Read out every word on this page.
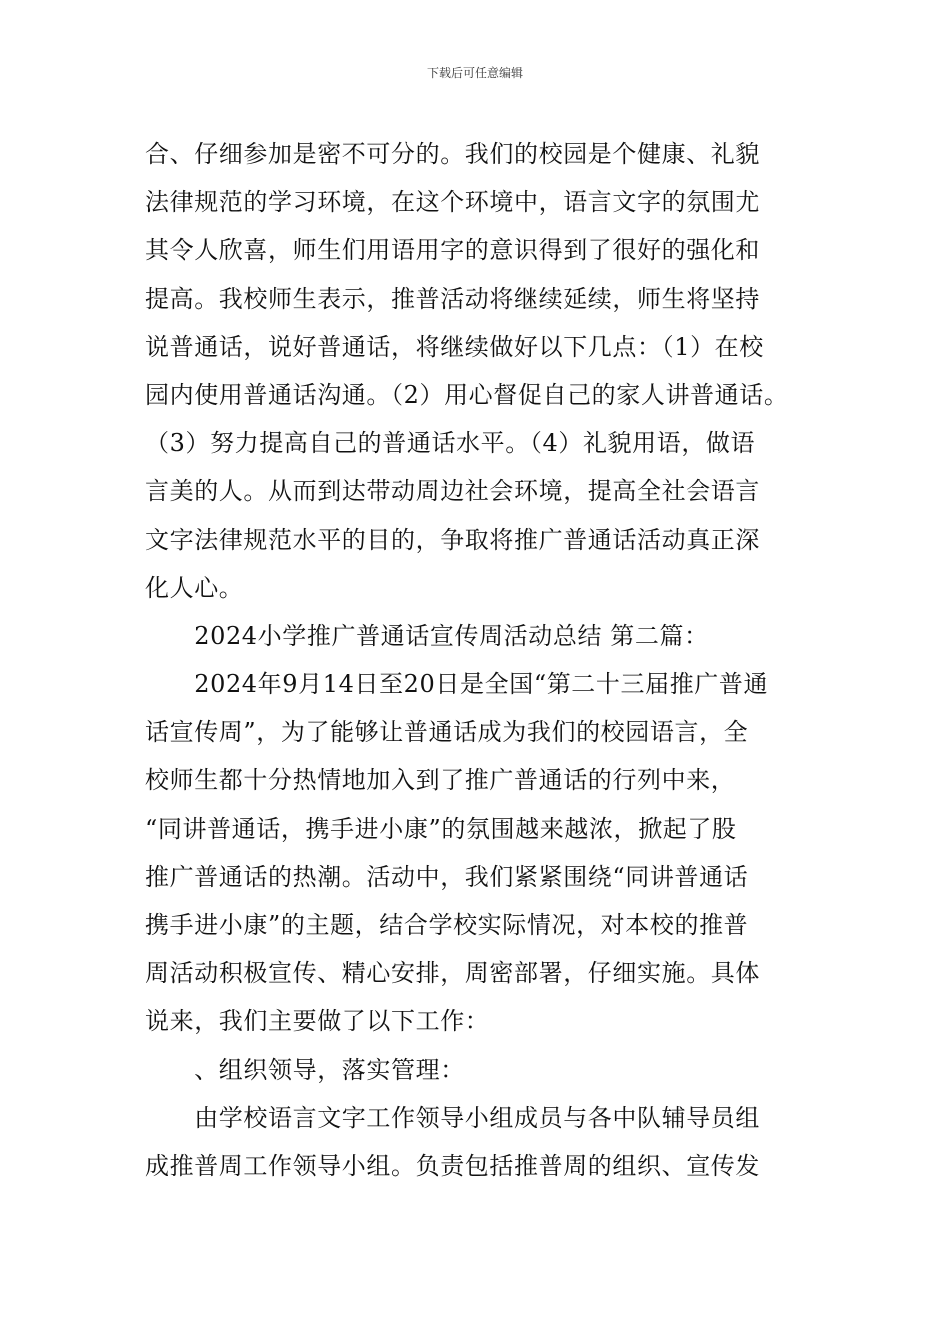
下载后可任意编辑
合、仔细参加是密不可分的。我们的校园是个健康、礼貌
法律规范的学习环境，在这个环境中，语言文字的氛围尤
其令人欣喜，师生们用语用字的意识得到了很好的强化和
提高。我校师生表示，推普活动将继续延续，师生将坚持
说普通话，说好普通话，将继续做好以下几点：（1）在校
园内使用普通话沟通。（2）用心督促自己的家人讲普通话。
（3）努力提高自己的普通话水平。（4）礼貌用语，做语
言美的人。从而到达带动周边社会环境，提高全社会语言
文字法律规范水平的目的，争取将推广普通话活动真正深
化人心。
　　2024小学推广普通话宣传周活动总结 第二篇：
　　2024年9月14日至20日是全国“第二十三届推广普通
话宣传周”，为了能够让普通话成为我们的校园语言，全
校师生都十分热情地加入到了推广普通话的行列中来，
“同讲普通话，携手进小康”的氛围越来越浓，掀起了股
推广普通话的热潮。活动中，我们紧紧围绕“同讲普通话
携手进小康”的主题，结合学校实际情况，对本校的推普
周活动积极宣传、精心安排，周密部署，仔细实施。具体
说来，我们主要做了以下工作：
　　、组织领导，落实管理：
　　由学校语言文字工作领导小组成员与各中队辅导员组
成推普周工作领导小组。负责包括推普周的组织、宣传发
